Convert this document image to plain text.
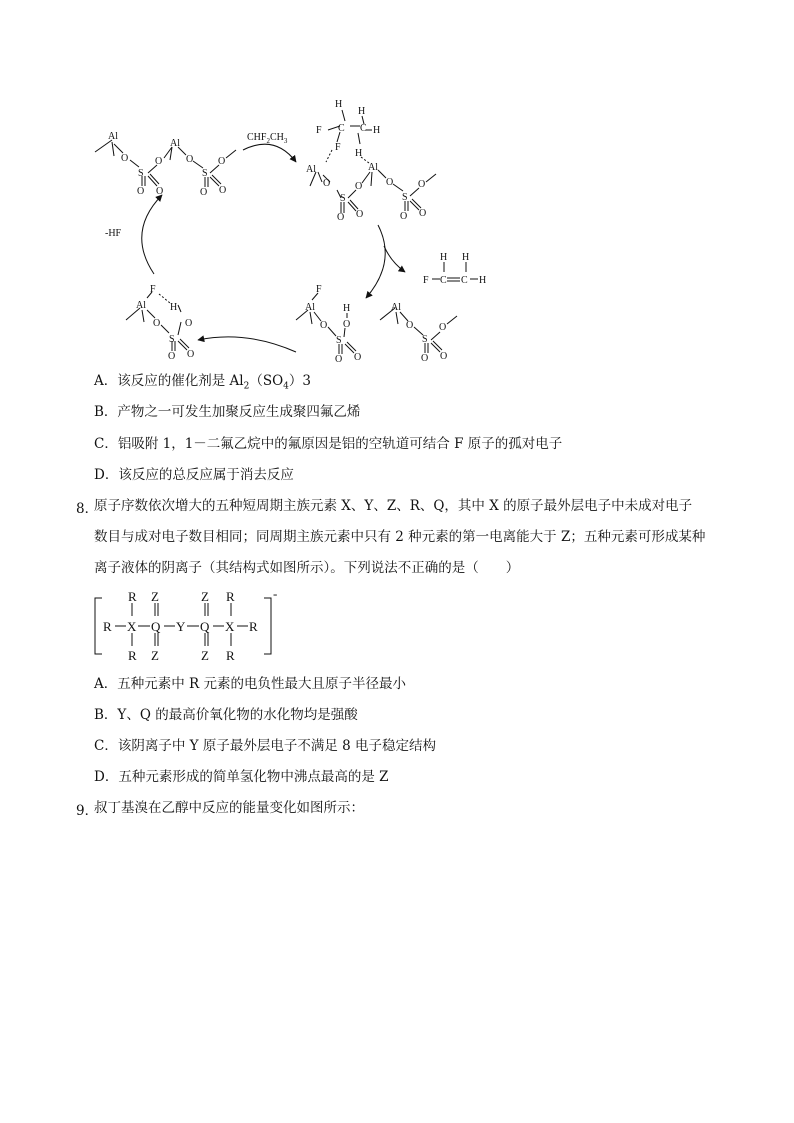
Al
O
S
O
O O
Al
O
S
O
O O
H
H
F C C H
F
H
Al
O
S
O
O O
Al
O
S
O
O O
F C C H
H H
Al
O
S
O
O O
F
Al
O
S
H
O
O O
F
Al H
O
S
O
O O
$CHF_2CH_3$
-HF
A．该反应的催化剂是 $Al_2(SO_4)3$
B．产物之一可发生加聚反应生成聚四氟乙烯
C．铝吸附 1，1－二氟乙烷中的氟原因是铝的空轨道可结合 F 原子的孤对电子
D．该反应的总反应属于消去反应
8．
原子序数依次增大的五种短周期主族元素 X、Y、Z、R、Q，其中 X 的原子最外层电子中未成对电子
数目与成对电子数目相同；同周期主族元素中只有 2 种元素的第一电离能大于 Z；五种元素可形成某种
离子液体的阴离子（其结构式如图所示）。下列说法不正确的是（　　）
R Z	Z R
R X Q Y Q X R
R Z	Z R
-
A．五种元素中 R 元素的电负性最大且原子半径最小
B．Y、Q 的最高价氧化物的水化物均是强酸
C．该阴离子中 Y 原子最外层电子不满足 8 电子稳定结构
D．五种元素形成的简单氢化物中沸点最高的是 Z
9．
叔丁基溴在乙醇中反应的能量变化如图所示：
